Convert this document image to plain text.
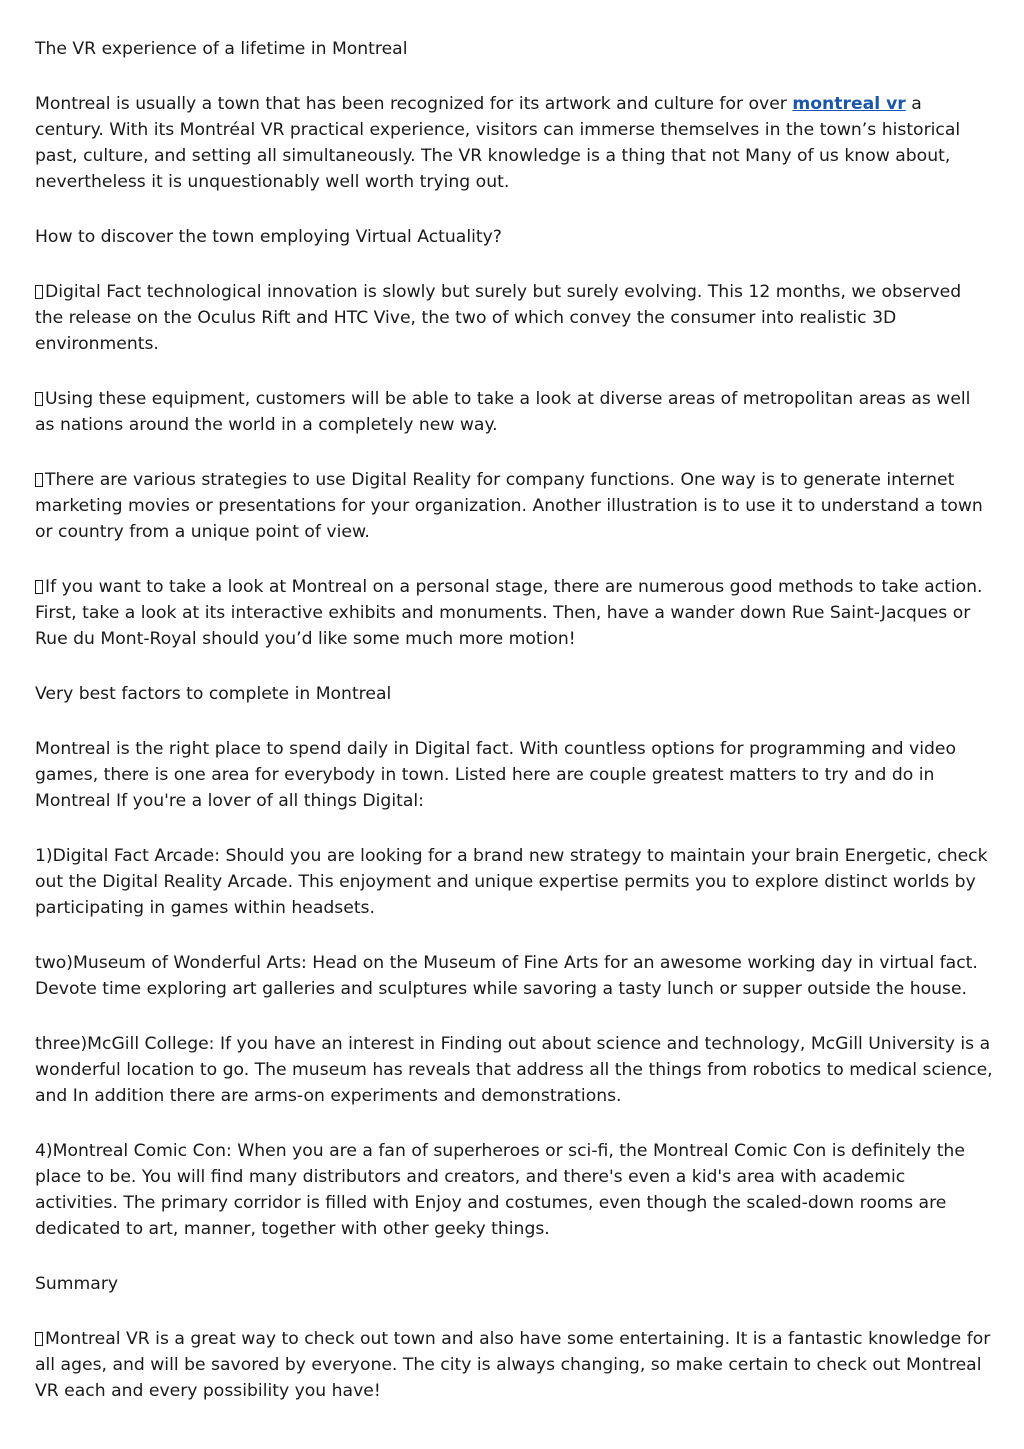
The VR experience of a lifetime in Montreal

Montreal is usually a town that has been recognized for its artwork and culture for over montreal vr a century. With its Montréal VR practical experience, visitors can immerse themselves in the town’s historical past, culture, and setting all simultaneously. The VR knowledge is a thing that not Many of us know about, nevertheless it is unquestionably well worth trying out.

How to discover the town employing Virtual Actuality?

Digital Fact technological innovation is slowly but surely but surely evolving. This 12 months, we observed the release on the Oculus Rift and HTC Vive, the two of which convey the consumer into realistic 3D environments.

Using these equipment, customers will be able to take a look at diverse areas of metropolitan areas as well as nations around the world in a completely new way.

There are various strategies to use Digital Reality for company functions. One way is to generate internet marketing movies or presentations for your organization. Another illustration is to use it to understand a town or country from a unique point of view.

If you want to take a look at Montreal on a personal stage, there are numerous good methods to take action. First, take a look at its interactive exhibits and monuments. Then, have a wander down Rue Saint-Jacques or Rue du Mont-Royal should you’d like some much more motion!

Very best factors to complete in Montreal

Montreal is the right place to spend daily in Digital fact. With countless options for programming and video games, there is one area for everybody in town. Listed here are couple greatest matters to try and do in Montreal If you're a lover of all things Digital:

1)Digital Fact Arcade: Should you are looking for a brand new strategy to maintain your brain Energetic, check out the Digital Reality Arcade. This enjoyment and unique expertise permits you to explore distinct worlds by participating in games within headsets.

two)Museum of Wonderful Arts: Head on the Museum of Fine Arts for an awesome working day in virtual fact. Devote time exploring art galleries and sculptures while savoring a tasty lunch or supper outside the house.

three)McGill College: If you have an interest in Finding out about science and technology, McGill University is a wonderful location to go. The museum has reveals that address all the things from robotics to medical science, and In addition there are arms-on experiments and demonstrations.

4)Montreal Comic Con: When you are a fan of superheroes or sci-fi, the Montreal Comic Con is definitely the place to be. You will find many distributors and creators, and there's even a kid's area with academic activities. The primary corridor is filled with Enjoy and costumes, even though the scaled-down rooms are dedicated to art, manner, together with other geeky things.

Summary

Montreal VR is a great way to check out town and also have some entertaining. It is a fantastic knowledge for all ages, and will be savored by everyone. The city is always changing, so make certain to check out Montreal VR each and every possibility you have!
